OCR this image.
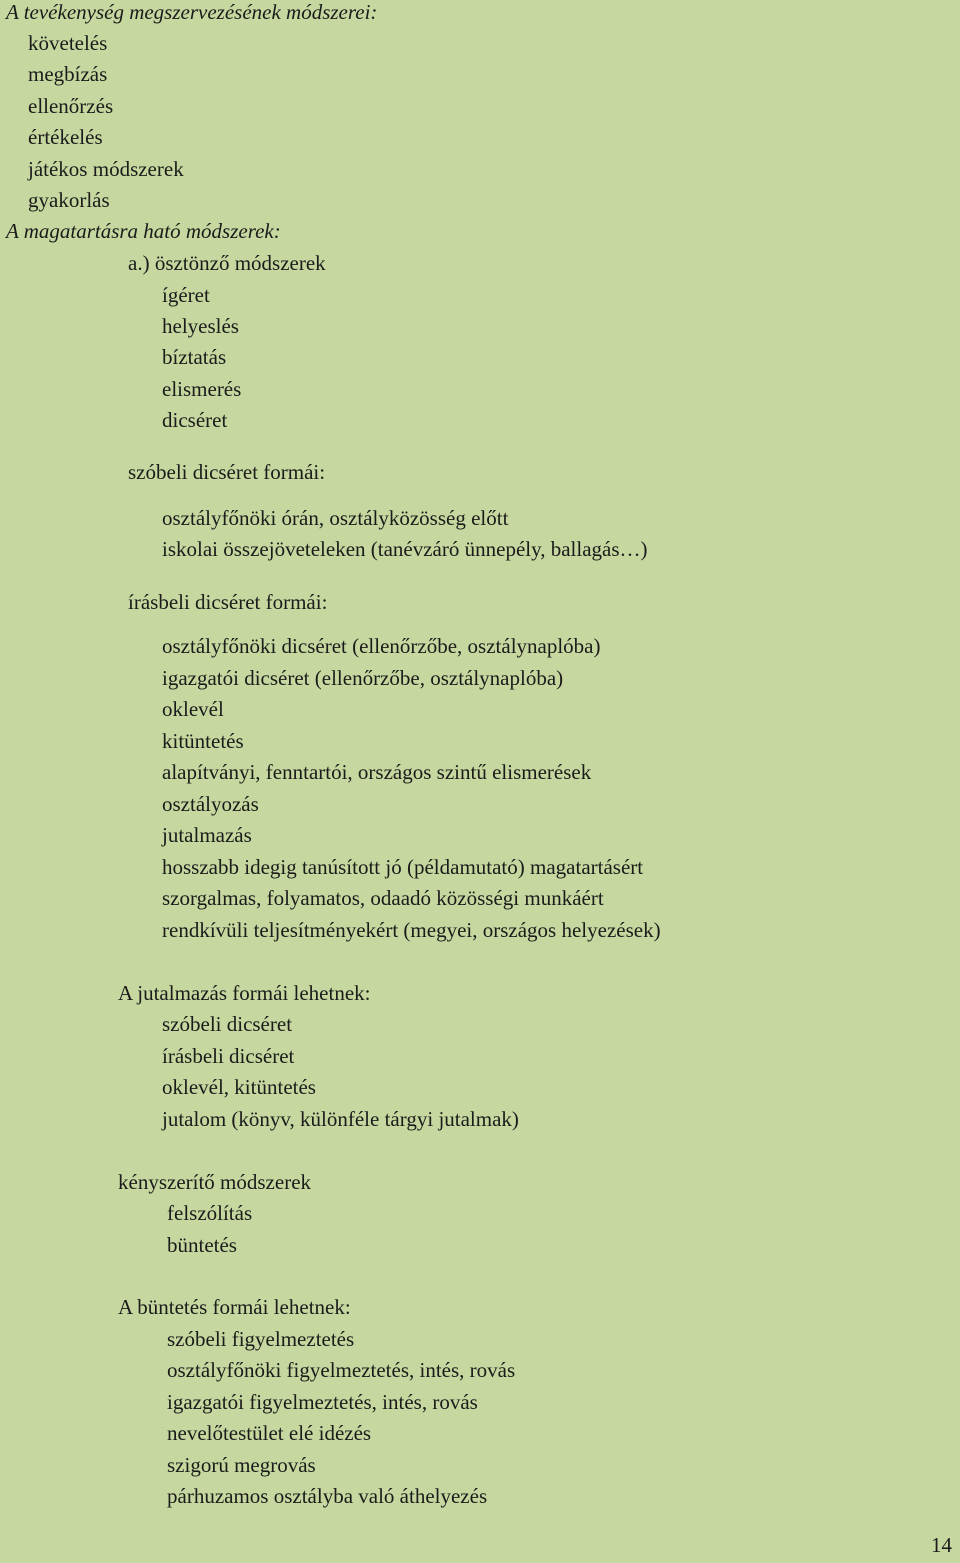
A tevékenység megszervezésének módszerei:
követelés
megbízás
ellenőrzés
értékelés
játékos módszerek
gyakorlás
A magatartásra ható módszerek:
a.) ösztönző módszerek
ígéret
helyeslés
bíztatás
elismerés
dicséret
szóbeli dicséret formái:
osztályfőnöki órán, osztályközösség előtt
iskolai összejöveteleken (tanévzáró ünnepély, ballagás…)
írásbeli dicséret formái:
osztályfőnöki dicséret (ellenőrzőbe, osztálynaplóba)
igazgatói dicséret (ellenőrzőbe, osztálynaplóba)
oklevél
kitüntetés
alapítványi, fenntartói, országos szintű elismerések
osztályozás
jutalmazás
hosszabb idegig tanúsított jó (példamutató) magatartásért
szorgalmas, folyamatos, odaadó közösségi munkáért
rendkívüli teljesítményekért (megyei, országos helyezések)
A jutalmazás formái lehetnek:
szóbeli dicséret
írásbeli dicséret
oklevél, kitüntetés
jutalom (könyv, különféle tárgyi jutalmak)
kényszerítő módszerek
felszólítás
büntetés
A büntetés formái lehetnek:
szóbeli figyelmeztetés
osztályfőnöki figyelmeztetés, intés, rovás
igazgatói figyelmeztetés, intés, rovás
nevelőtestület elé idézés
szigorú megrovás
párhuzamos osztályba való áthelyezés
14
